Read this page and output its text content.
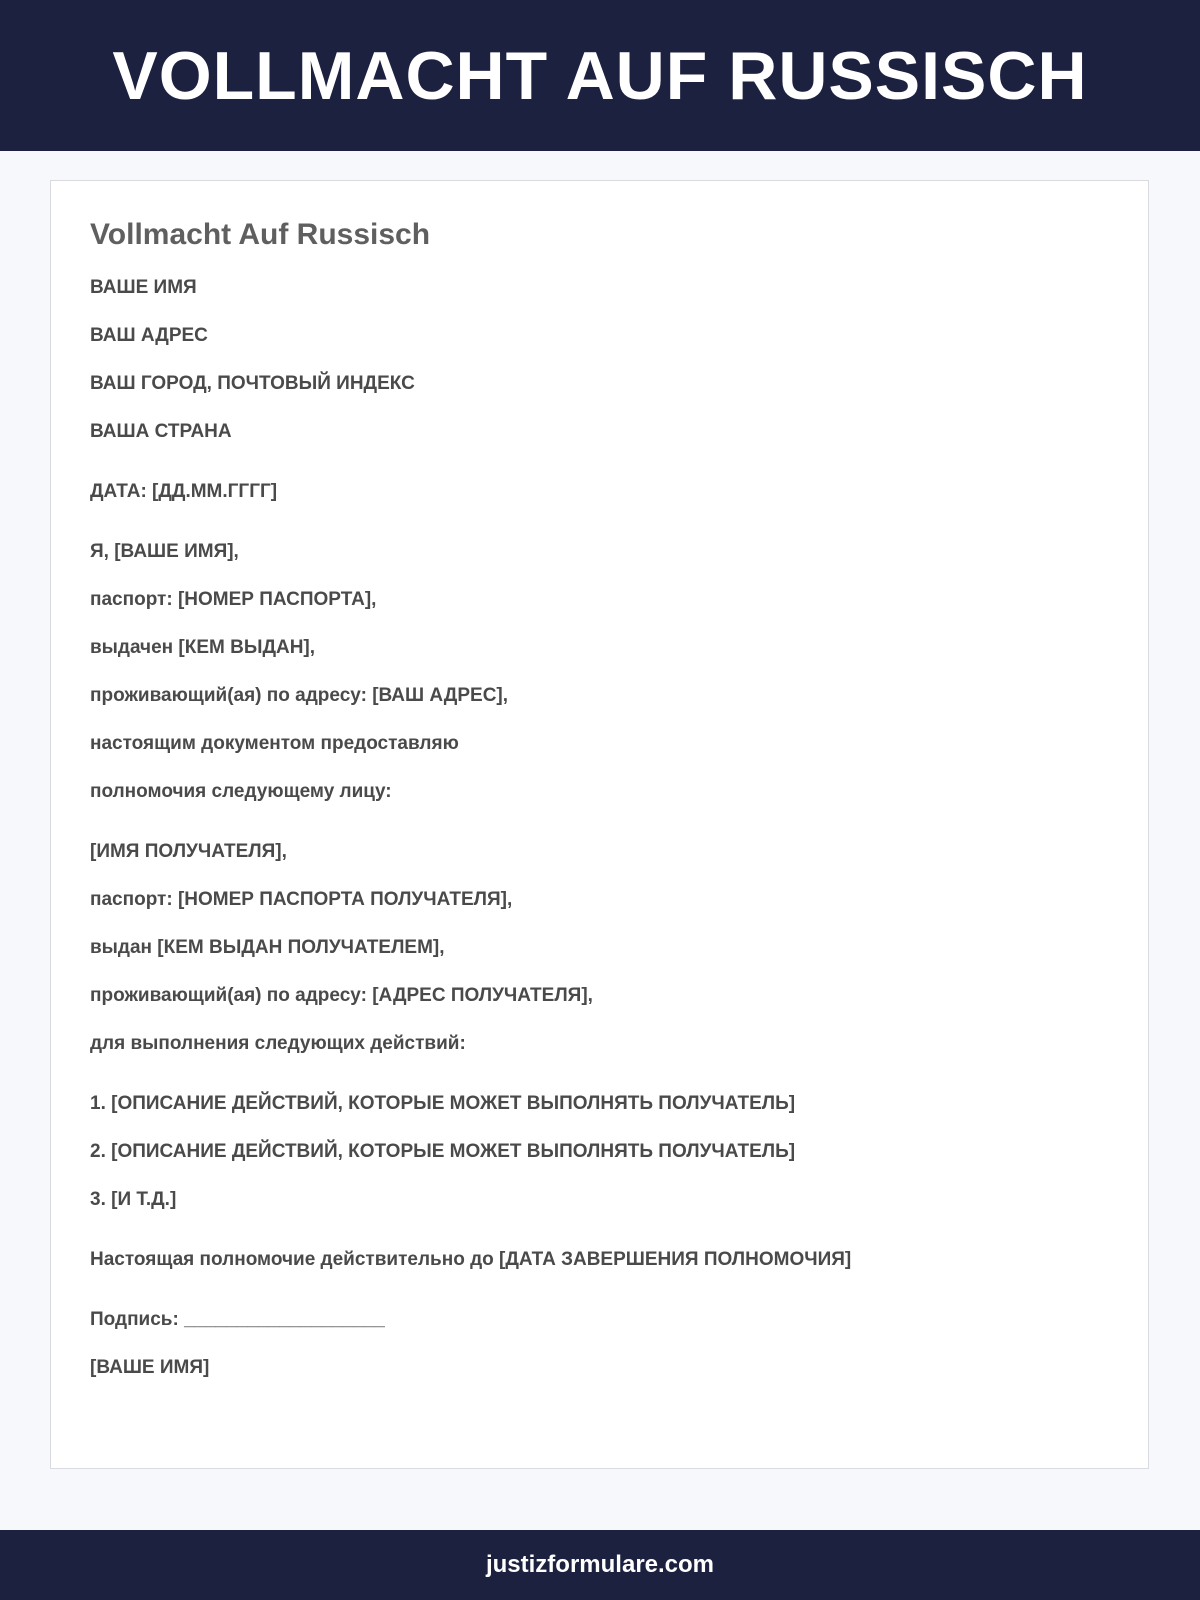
VOLLMACHT AUF RUSSISCH
Vollmacht Auf Russisch

ВАШЕ ИМЯ

ВАШ АДРЕС

ВАШ ГОРОД, ПОЧТОВЫЙ ИНДЕКС

ВАША СТРАНА

ДАТА: [ДД.ММ.ГГГГ]

Я, [ВАШЕ ИМЯ],

паспорт: [НОМЕР ПАСПОРТА],

выдачен [КЕМ ВЫДАН],

проживающий(ая) по адресу: [ВАШ АДРЕС],

настоящим документом предоставляю

полномочия следующему лицу:

[ИМЯ ПОЛУЧАТЕЛЯ],

паспорт: [НОМЕР ПАСПОРТА ПОЛУЧАТЕЛЯ],

выдан [КЕМ ВЫДАН ПОЛУЧАТЕЛЕМ],

проживающий(ая) по адресу: [АДРЕС ПОЛУЧАТЕЛЯ],

для выполнения следующих действий:

1. [ОПИСАНИЕ ДЕЙСТВИЙ, КОТОРЫЕ МОЖЕТ ВЫПОЛНЯТЬ ПОЛУЧАТЕЛЬ]

2. [ОПИСАНИЕ ДЕЙСТВИЙ, КОТОРЫЕ МОЖЕТ ВЫПОЛНЯТЬ ПОЛУЧАТЕЛЬ]

3. [И Т.Д.]

Настоящая полномочие действительно до [ДАТА ЗАВЕРШЕНИЯ ПОЛНОМОЧИЯ]

Подпись: ___________________

[ВАШЕ ИМЯ]

justizformulare.com
